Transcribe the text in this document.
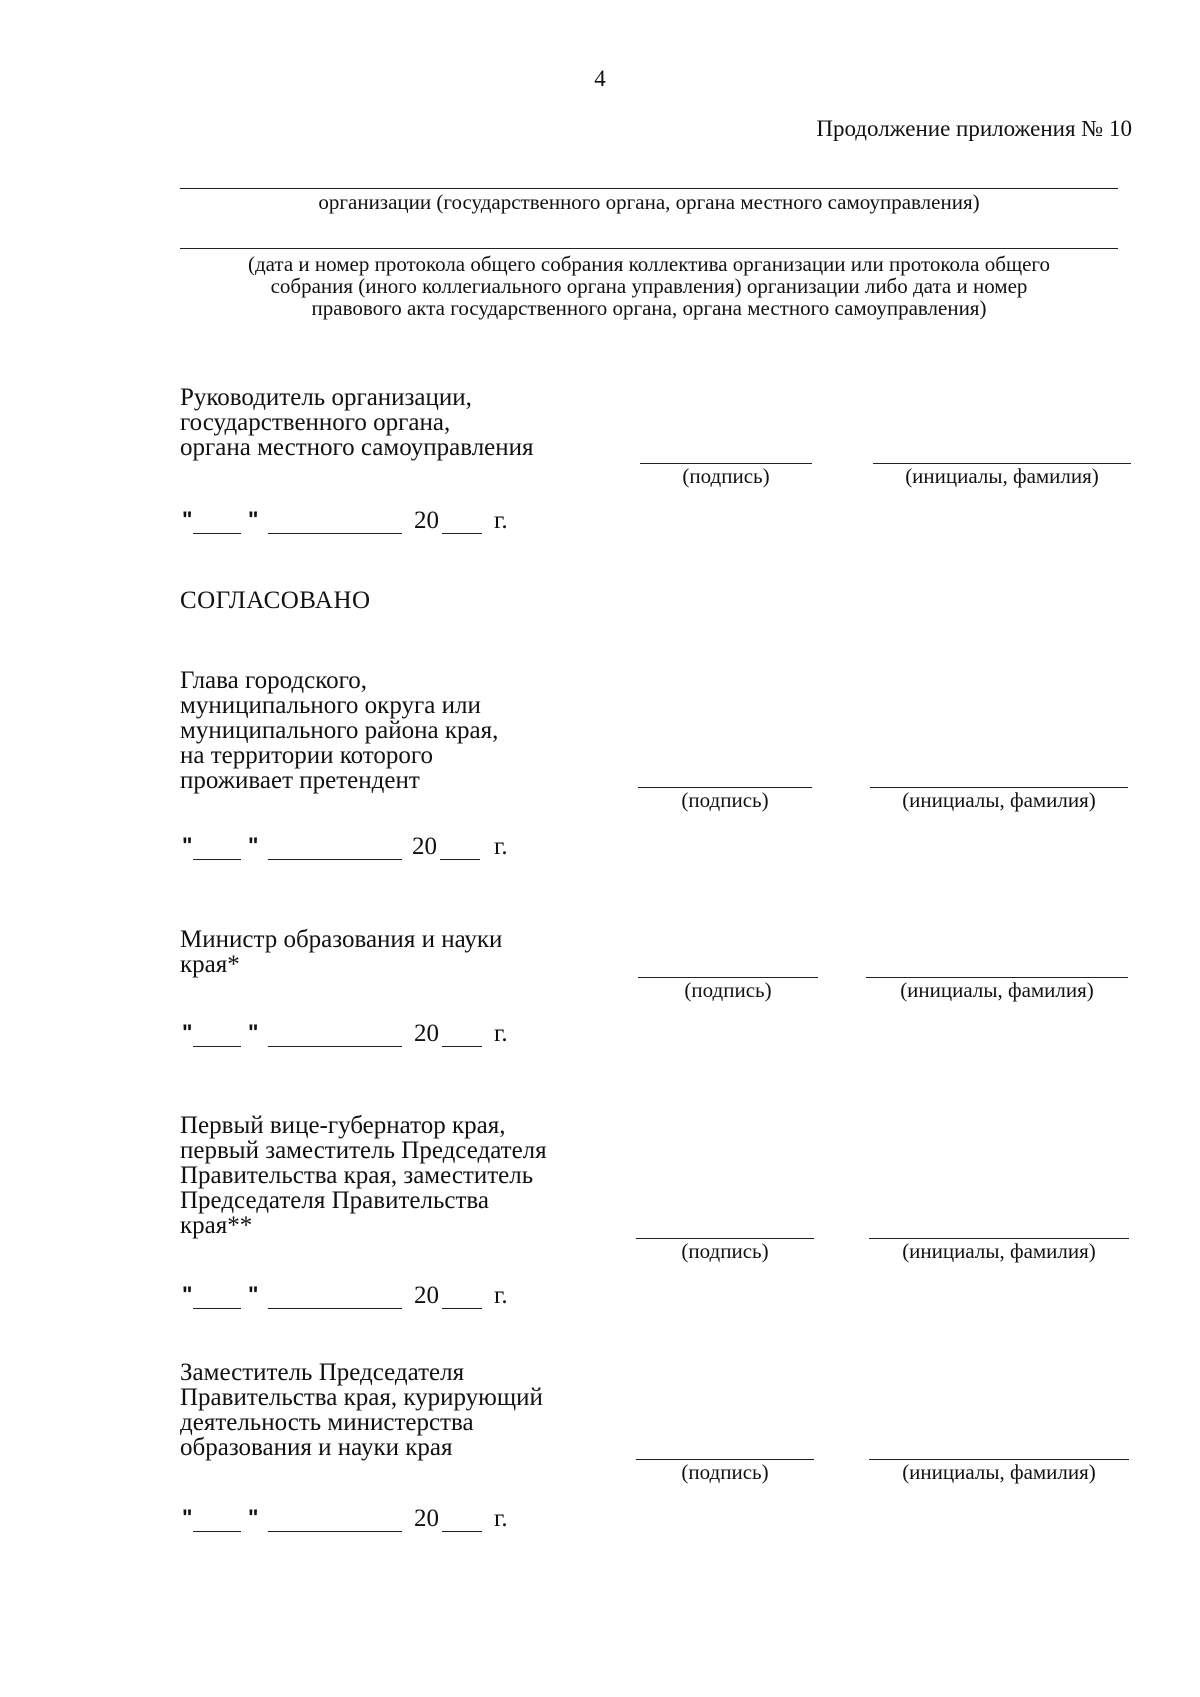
4
Продолжение приложения № 10
организации (государственного органа, органа местного самоуправления)
(дата и номер протокола общего собрания коллектива организации или протокола общего
собрания (иного коллегиального органа управления) организации либо дата и номер
правового акта государственного органа, органа местного самоуправления)
Руководитель организации,
государственного органа,
органа местного самоуправления
(подпись)	(инициалы, фамилия)
"	"	20 г.
СОГЛАСОВАНО
Глава городского,
муниципального округа или
муниципального района края,
на территории которого
проживает претендент
(подпись)	(инициалы, фамилия)
"	"	20 г.
Министр образования и науки
края*
(подпись)	(инициалы, фамилия)
"	"	20 г.
Первый вице-губернатор края,
первый заместитель Председателя
Правительства края, заместитель
Председателя Правительства
края**
(подпись)	(инициалы, фамилия)
"	"	20 г.
Заместитель Председателя
Правительства края, курирующий
деятельность министерства
образования и науки края
(подпись)	(инициалы, фамилия)
"	"	20 г.
